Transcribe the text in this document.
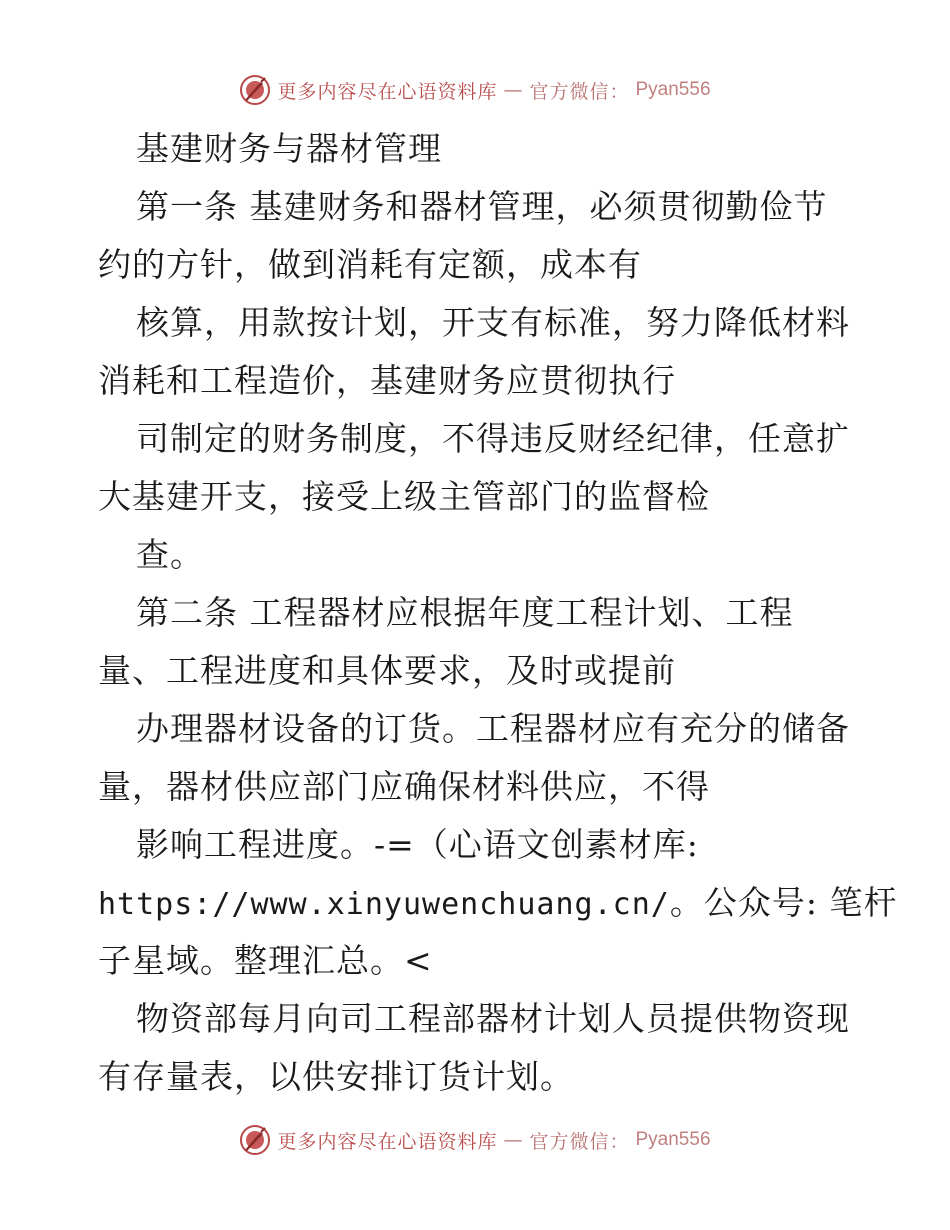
更多内容尽在心语资料库 — 官方微信： Pyan556
基建财务与器材管理
第一条 基建财务和器材管理，必须贯彻勤俭节
约的方针，做到消耗有定额，成本有
核算，用款按计划，开支有标准，努力降低材料
消耗和工程造价，基建财务应贯彻执行
司制定的财务制度，不得违反财经纪律，任意扩
大基建开支，接受上级主管部门的监督检
查。
第二条 工程器材应根据年度工程计划、工程
量、工程进度和具体要求，及时或提前
办理器材设备的订货。工程器材应有充分的储备
量，器材供应部门应确保材料供应，不得
影响工程进度。-=（心语文创素材库:
https://www.xinyuwenchuang.cn/。公众号: 笔杆
子星域。整理汇总。<
物资部每月向司工程部器材计划人员提供物资现
有存量表，以供安排订货计划。
更多内容尽在心语资料库 — 官方微信： Pyan556
